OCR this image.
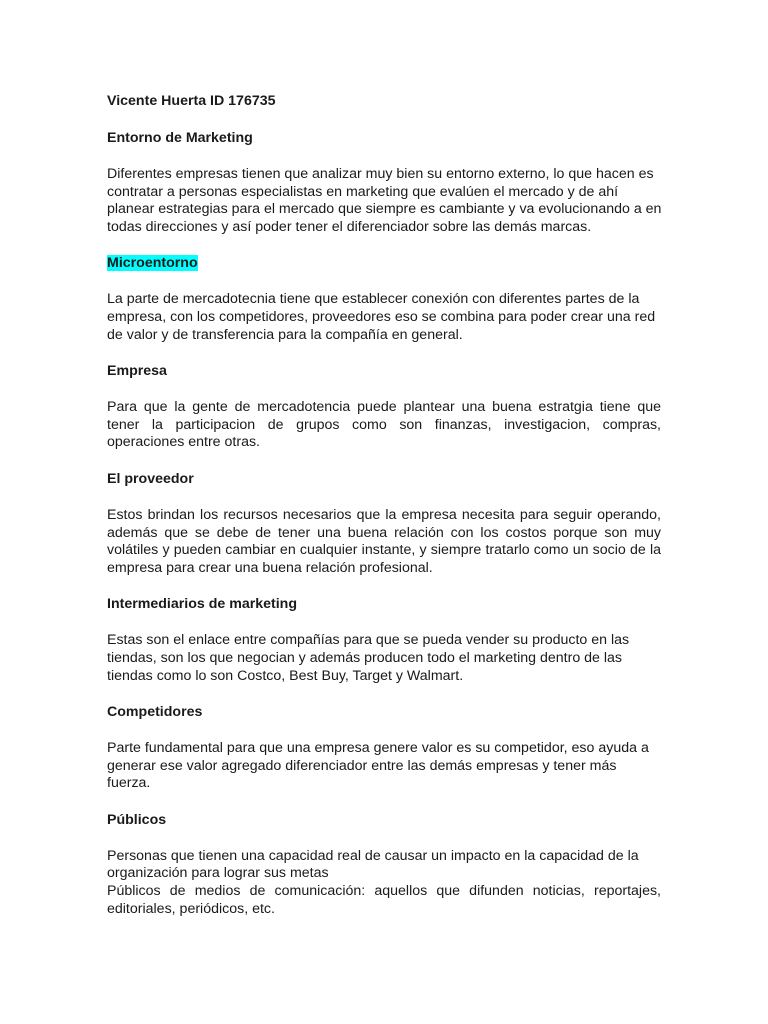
Vicente Huerta ID 176735

Entorno de Marketing

Diferentes empresas tienen que analizar muy bien su entorno externo, lo que hacen es contratar a personas especialistas en marketing que evalúen el mercado y de ahí planear estrategias para el mercado que siempre es cambiante y va evolucionando a en todas direcciones y así poder tener el diferenciador sobre las demás marcas.

Microentorno

La parte de mercadotecnia tiene que establecer conexión con diferentes partes de la empresa, con los competidores, proveedores eso se combina para poder crear una red de valor y de transferencia para la compañía en general.

Empresa

Para que la gente de mercadotencia puede plantear una buena estratgia tiene que tener la participacion de grupos como son finanzas, investigacion, compras, operaciones entre otras.

El proveedor

Estos brindan los recursos necesarios que la empresa necesita para seguir operando, además que se debe de tener una buena relación con los costos porque son muy volátiles y pueden cambiar en cualquier instante, y siempre tratarlo como un socio de la empresa para crear una buena relación profesional.

Intermediarios de marketing

Estas son el enlace entre compañías para que se pueda vender su producto en las tiendas, son los que negocian y además producen todo el marketing dentro de las tiendas como lo son Costco, Best Buy, Target y Walmart.

Competidores

Parte fundamental para que una empresa genere valor es su competidor, eso ayuda a generar ese valor agregado diferenciador entre las demás empresas y tener más fuerza.

Públicos

Personas que tienen una capacidad real de causar un impacto en la capacidad de la organización para lograr sus metas

Públicos de medios de comunicación: aquellos que difunden noticias, reportajes, editoriales, periódicos, etc.
